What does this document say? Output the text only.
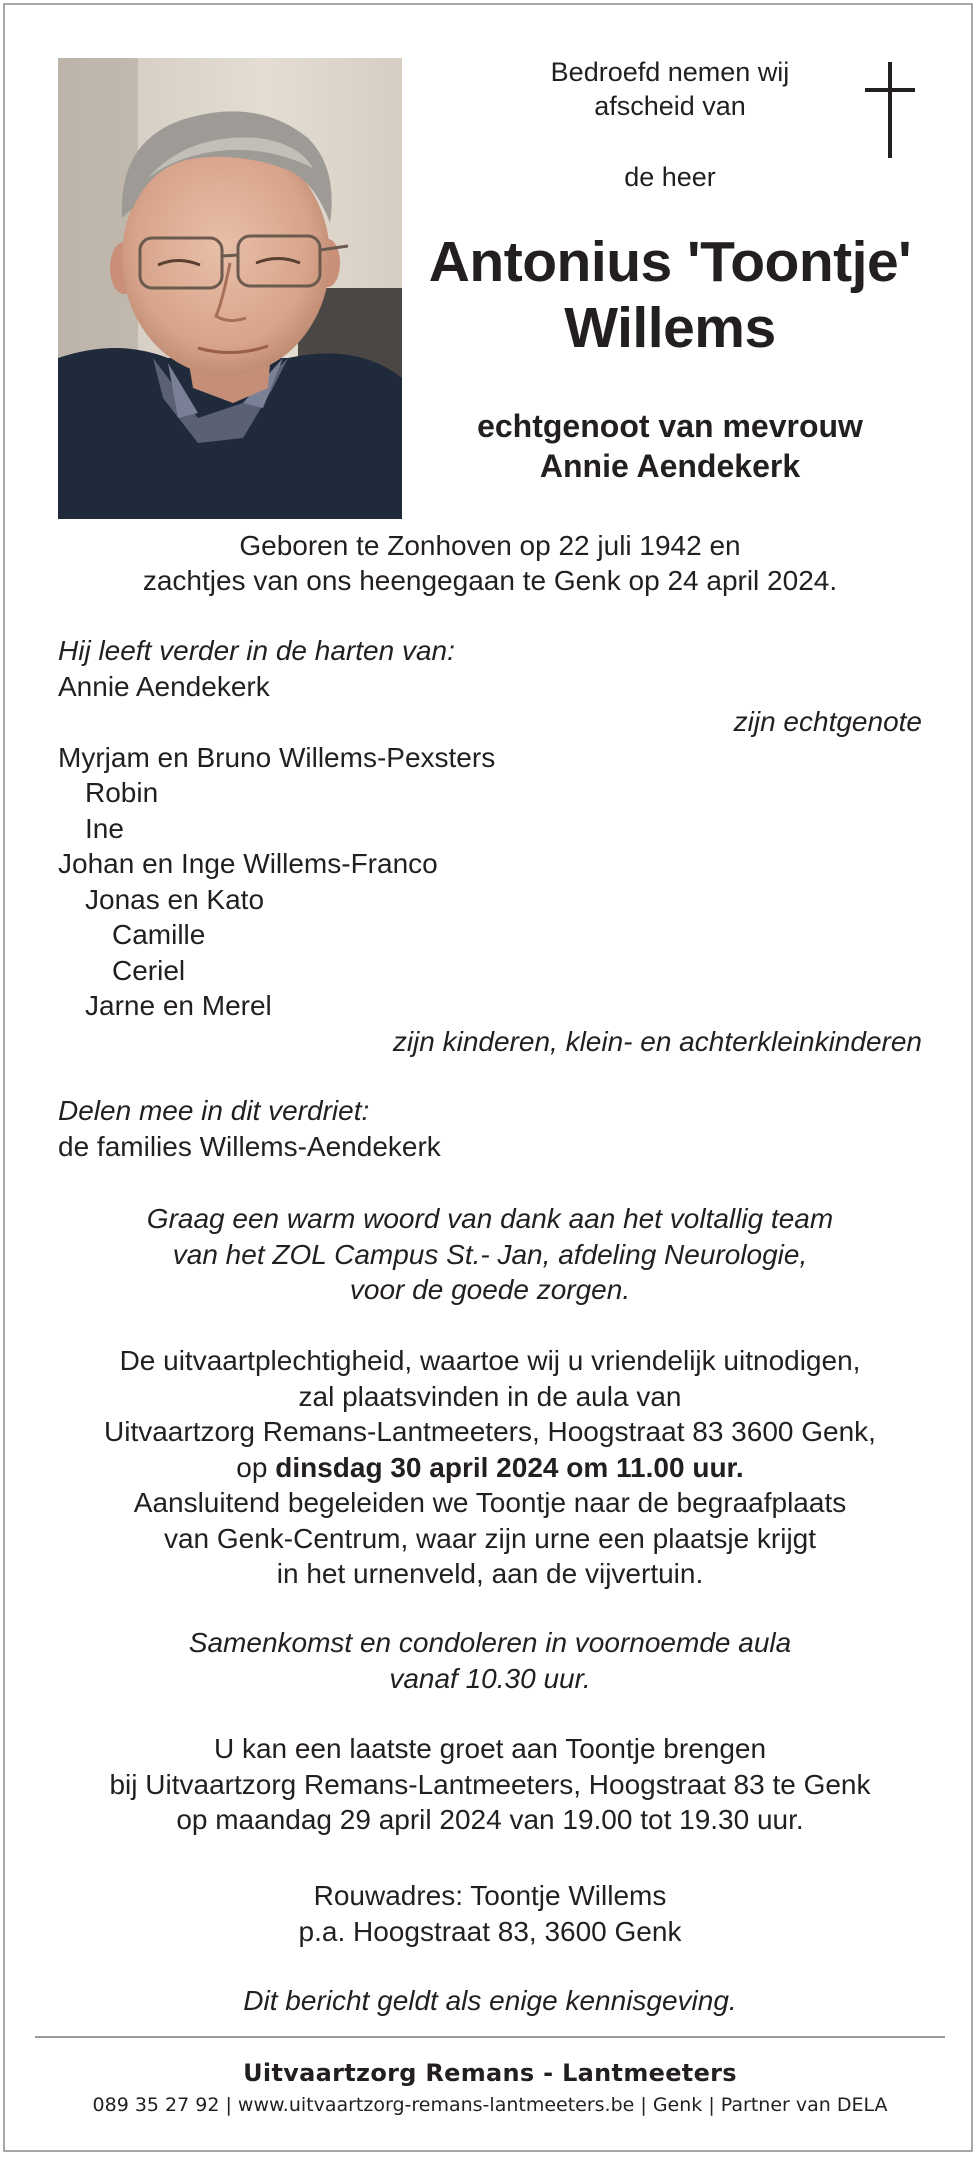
Bedroefd nemen wij
afscheid van
de heer
Antonius 'Toontje'
Willems
echtgenoot van mevrouw
Annie Aendekerk
Geboren te Zonhoven op 22 juli 1942 en
zachtjes van ons heengegaan te Genk op 24 april 2024.
Hij leeft verder in de harten van:
Annie Aendekerk
zijn echtgenote
Myrjam en Bruno Willems-Pexsters
Robin
Ine
Johan en Inge Willems-Franco
Jonas en Kato
Camille
Ceriel
Jarne en Merel
zijn kinderen, klein- en achterkleinkinderen
Delen mee in dit verdriet:
de families Willems-Aendekerk
Graag een warm woord van dank aan het voltallig team
van het ZOL Campus St.- Jan, afdeling Neurologie,
voor de goede zorgen.
De uitvaartplechtigheid, waartoe wij u vriendelijk uitnodigen,
zal plaatsvinden in de aula van
Uitvaartzorg Remans-Lantmeeters, Hoogstraat 83 3600 Genk,
op dinsdag 30 april 2024 om 11.00 uur.
Aansluitend begeleiden we Toontje naar de begraafplaats
van Genk-Centrum, waar zijn urne een plaatsje krijgt
in het urnenveld, aan de vijvertuin.
Samenkomst en condoleren in voornoemde aula
vanaf 10.30 uur.
U kan een laatste groet aan Toontje brengen
bij Uitvaartzorg Remans-Lantmeeters, Hoogstraat 83 te Genk
op maandag 29 april 2024 van 19.00 tot 19.30 uur.
Rouwadres: Toontje Willems
p.a. Hoogstraat 83, 3600 Genk
Dit bericht geldt als enige kennisgeving.
Uitvaartzorg Remans - Lantmeeters
089 35 27 92 | www.uitvaartzorg-remans-lantmeeters.be | Genk | Partner van DELA
